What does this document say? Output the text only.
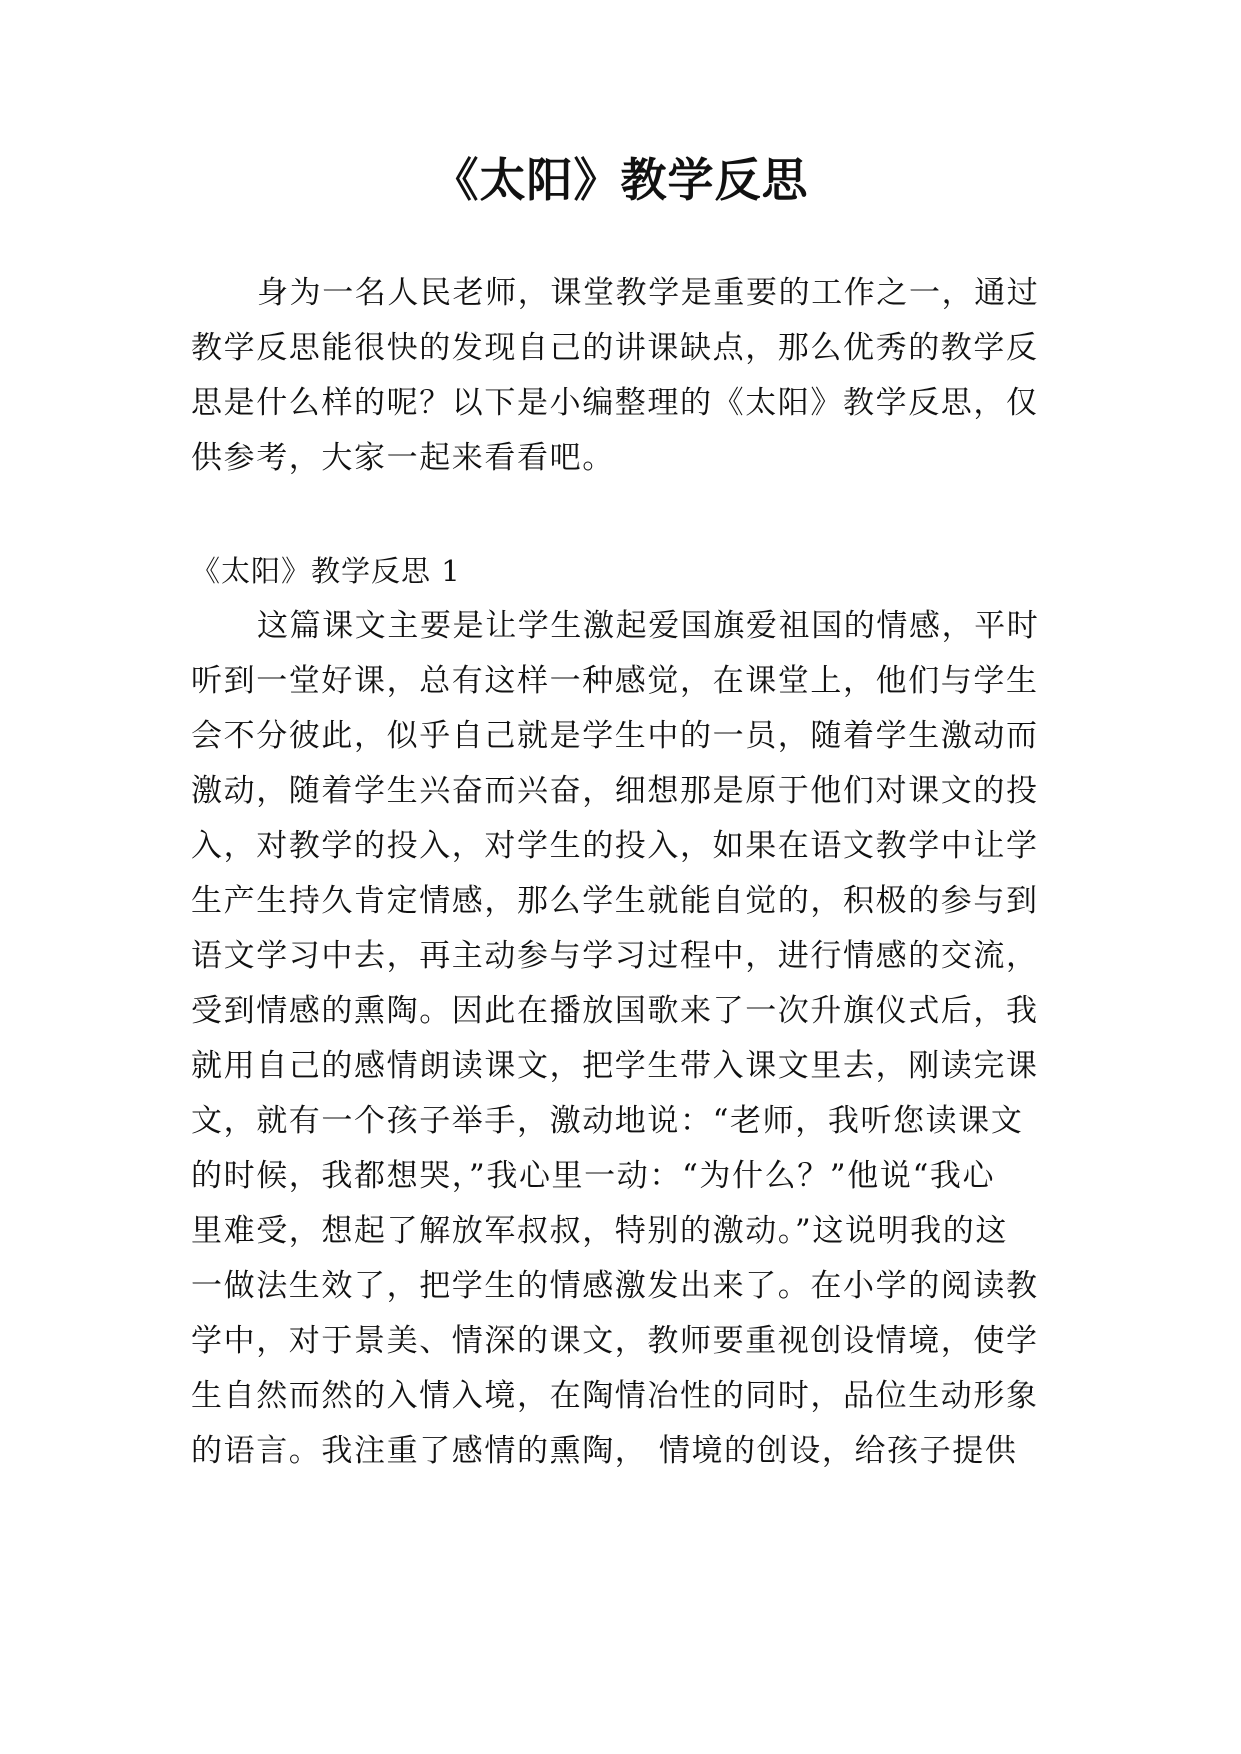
《太阳》教学反思
身为一名人民老师，课堂教学是重要的工作之一，通过
教学反思能很快的发现自己的讲课缺点，那么优秀的教学反
思是什么样的呢？以下是小编整理的《太阳》教学反思，仅
供参考，大家一起来看看吧。
《太阳》教学反思 1
这篇课文主要是让学生激起爱国旗爱祖国的情感，平时
听到一堂好课，总有这样一种感觉，在课堂上，他们与学生
会不分彼此，似乎自己就是学生中的一员，随着学生激动而
激动，随着学生兴奋而兴奋，细想那是原于他们对课文的投
入，对教学的投入，对学生的投入，如果在语文教学中让学
生产生持久肯定情感，那么学生就能自觉的，积极的参与到
语文学习中去，再主动参与学习过程中，进行情感的交流，
受到情感的熏陶。因此在播放国歌来了一次升旗仪式后，我
就用自己的感情朗读课文，把学生带入课文里去，刚读完课
文，就有一个孩子举手，激动地说：“老师，我听您读课文
的时候，我都想哭，”我心里一动：“为什么？”他说“我心
里难受，想起了解放军叔叔，特别的激动。”这说明我的这
一做法生效了，把学生的情感激发出来了。在小学的阅读教
学中，对于景美、情深的课文，教师要重视创设情境，使学
生自然而然的入情入境，在陶情冶性的同时，品位生动形象
的语言。我注重了感情的熏陶， 情境的创设，给孩子提供
